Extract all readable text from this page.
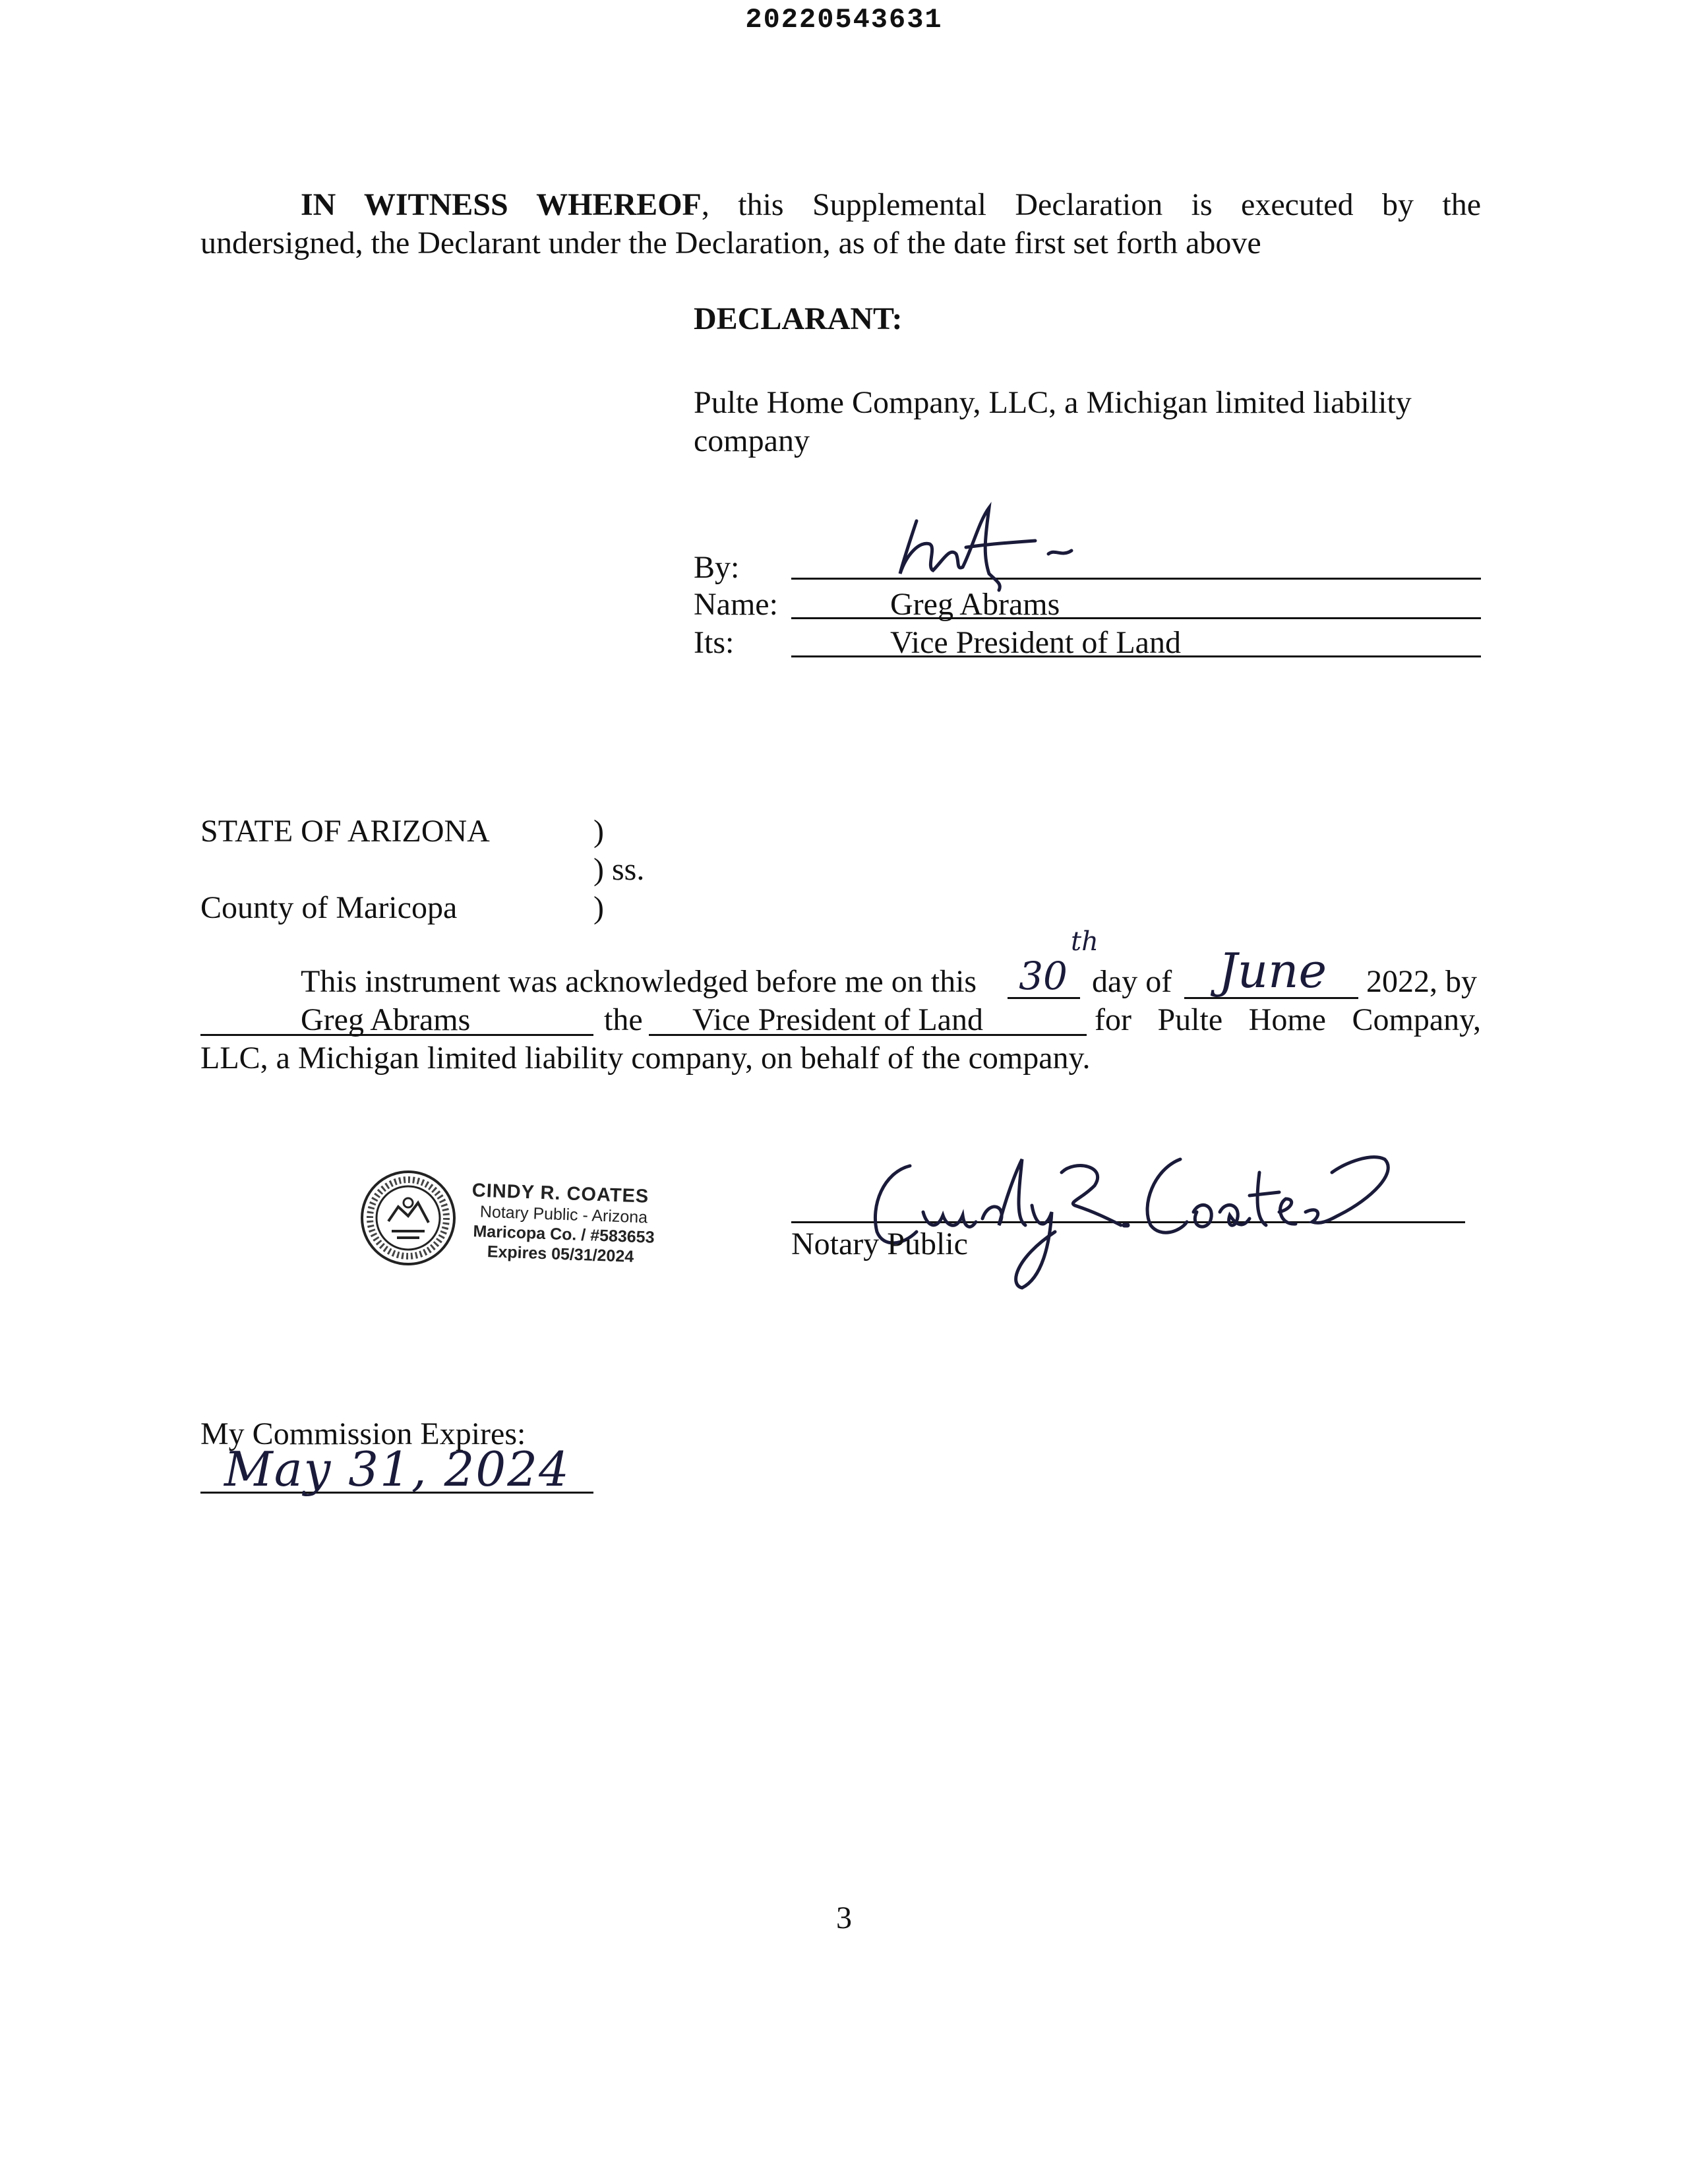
20220543631
IN WITNESS WHEREOF, this Supplemental Declaration is executed by the
undersigned, the Declarant under the Declaration, as of the date first set forth above
DECLARANT:
Pulte Home Company, LLC, a Michigan limited liability
company
By:
Name:	Greg Abrams
Its:	Vice President of Land
STATE OF ARIZONA	)
) ss.
County of Maricopa	)
This instrument was acknowledged before me on this 30
th
day of June	2022, by
Greg Abrams	the Vice President of Land	for Pulte Home Company,
LLC, a Michigan limited liability company, on behalf of the company.
CINDY R. COATES
Notary Public - Arizona
Maricopa Co. / #583653
Expires 05/31/2024	Notary Public
My Commission Expires:
May 31, 2024
3
